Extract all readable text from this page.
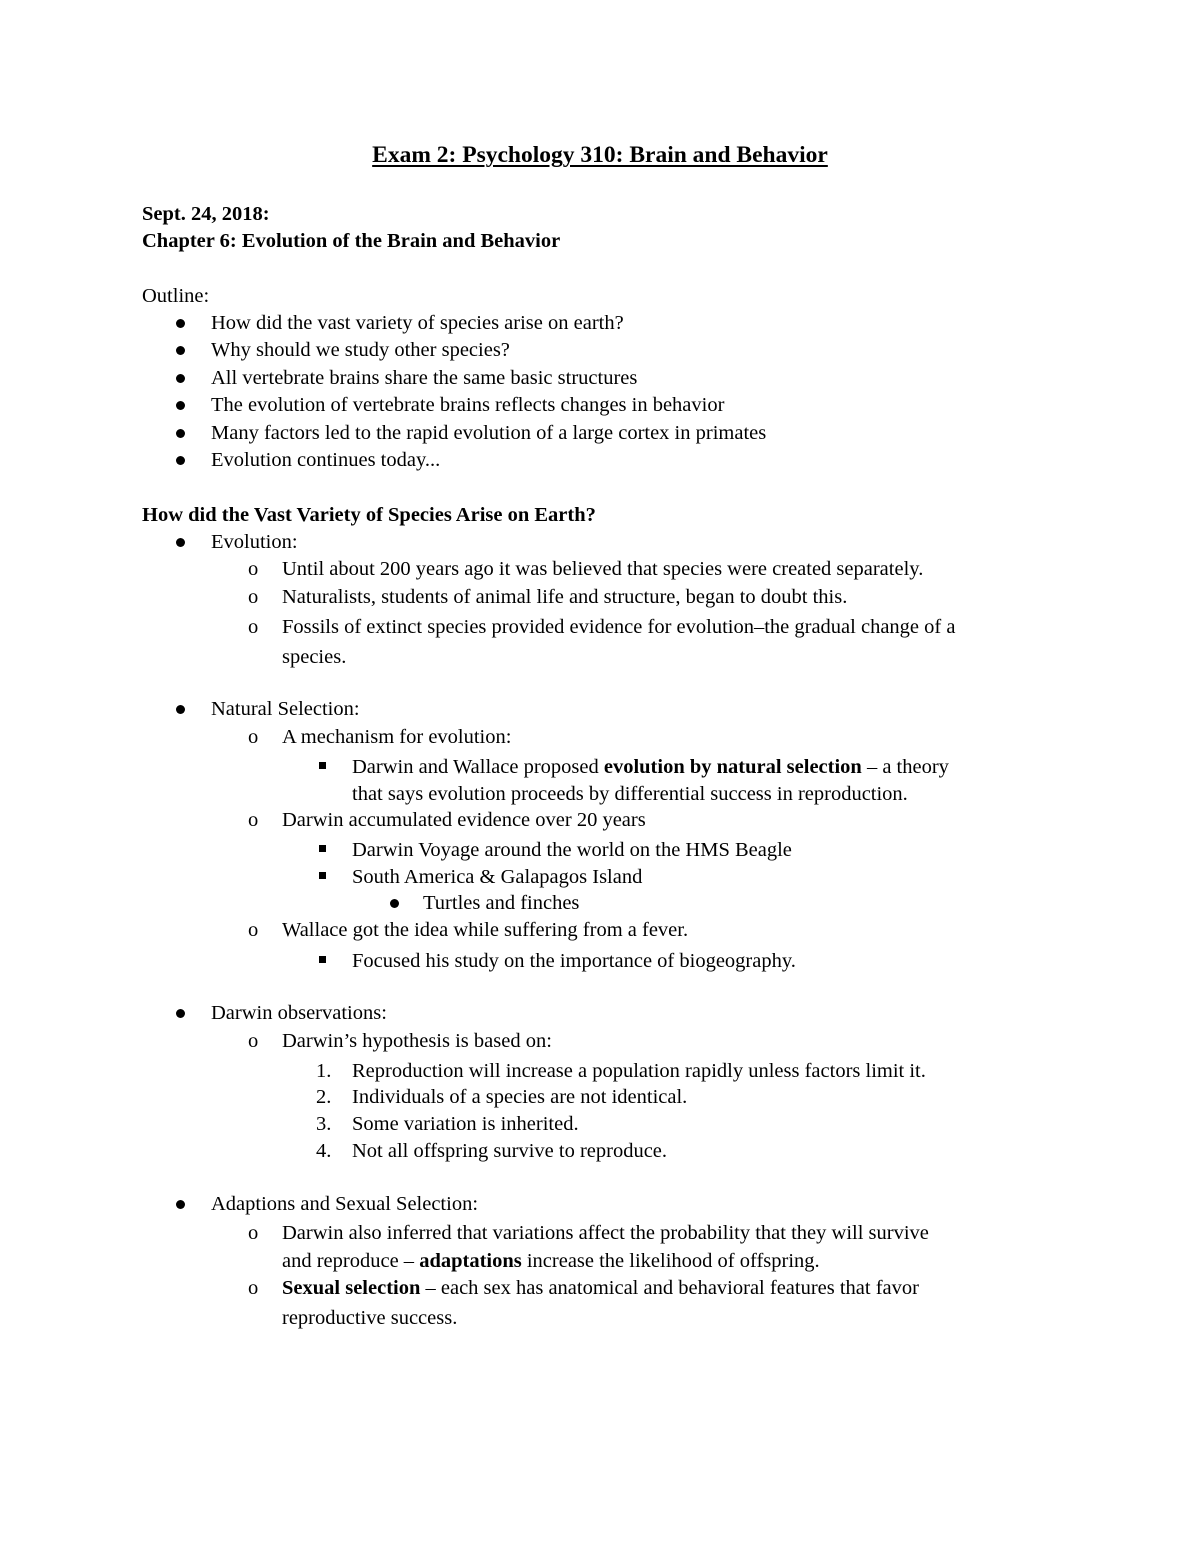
Exam 2: Psychology 310: Brain and Behavior
Sept. 24, 2018:
Chapter 6: Evolution of the Brain and Behavior
Outline:
How did the vast variety of species arise on earth?
Why should we study other species?
All vertebrate brains share the same basic structures
The evolution of vertebrate brains reflects changes in behavior
Many factors led to the rapid evolution of a large cortex in primates
Evolution continues today...
How did the Vast Variety of Species Arise on Earth?
Evolution:
o Until about 200 years ago it was believed that species were created separately.
o Naturalists, students of animal life and structure, began to doubt this.
o Fossils of extinct species provided evidence for evolution–the gradual change of a
species.
Natural Selection:
o A mechanism for evolution:
Darwin and Wallace proposed evolution by natural selection – a theory
that says evolution proceeds by differential success in reproduction.
o Darwin accumulated evidence over 20 years
Darwin Voyage around the world on the HMS Beagle
South America & Galapagos Island
Turtles and finches
o Wallace got the idea while suffering from a fever.
Focused his study on the importance of biogeography.
Darwin observations:
o Darwin’s hypothesis is based on:
1. Reproduction will increase a population rapidly unless factors limit it.
2. Individuals of a species are not identical.
3. Some variation is inherited.
4. Not all offspring survive to reproduce.
Adaptions and Sexual Selection:
o Darwin also inferred that variations affect the probability that they will survive
and reproduce – adaptations increase the likelihood of offspring.
o Sexual selection – each sex has anatomical and behavioral features that favor
reproductive success.
